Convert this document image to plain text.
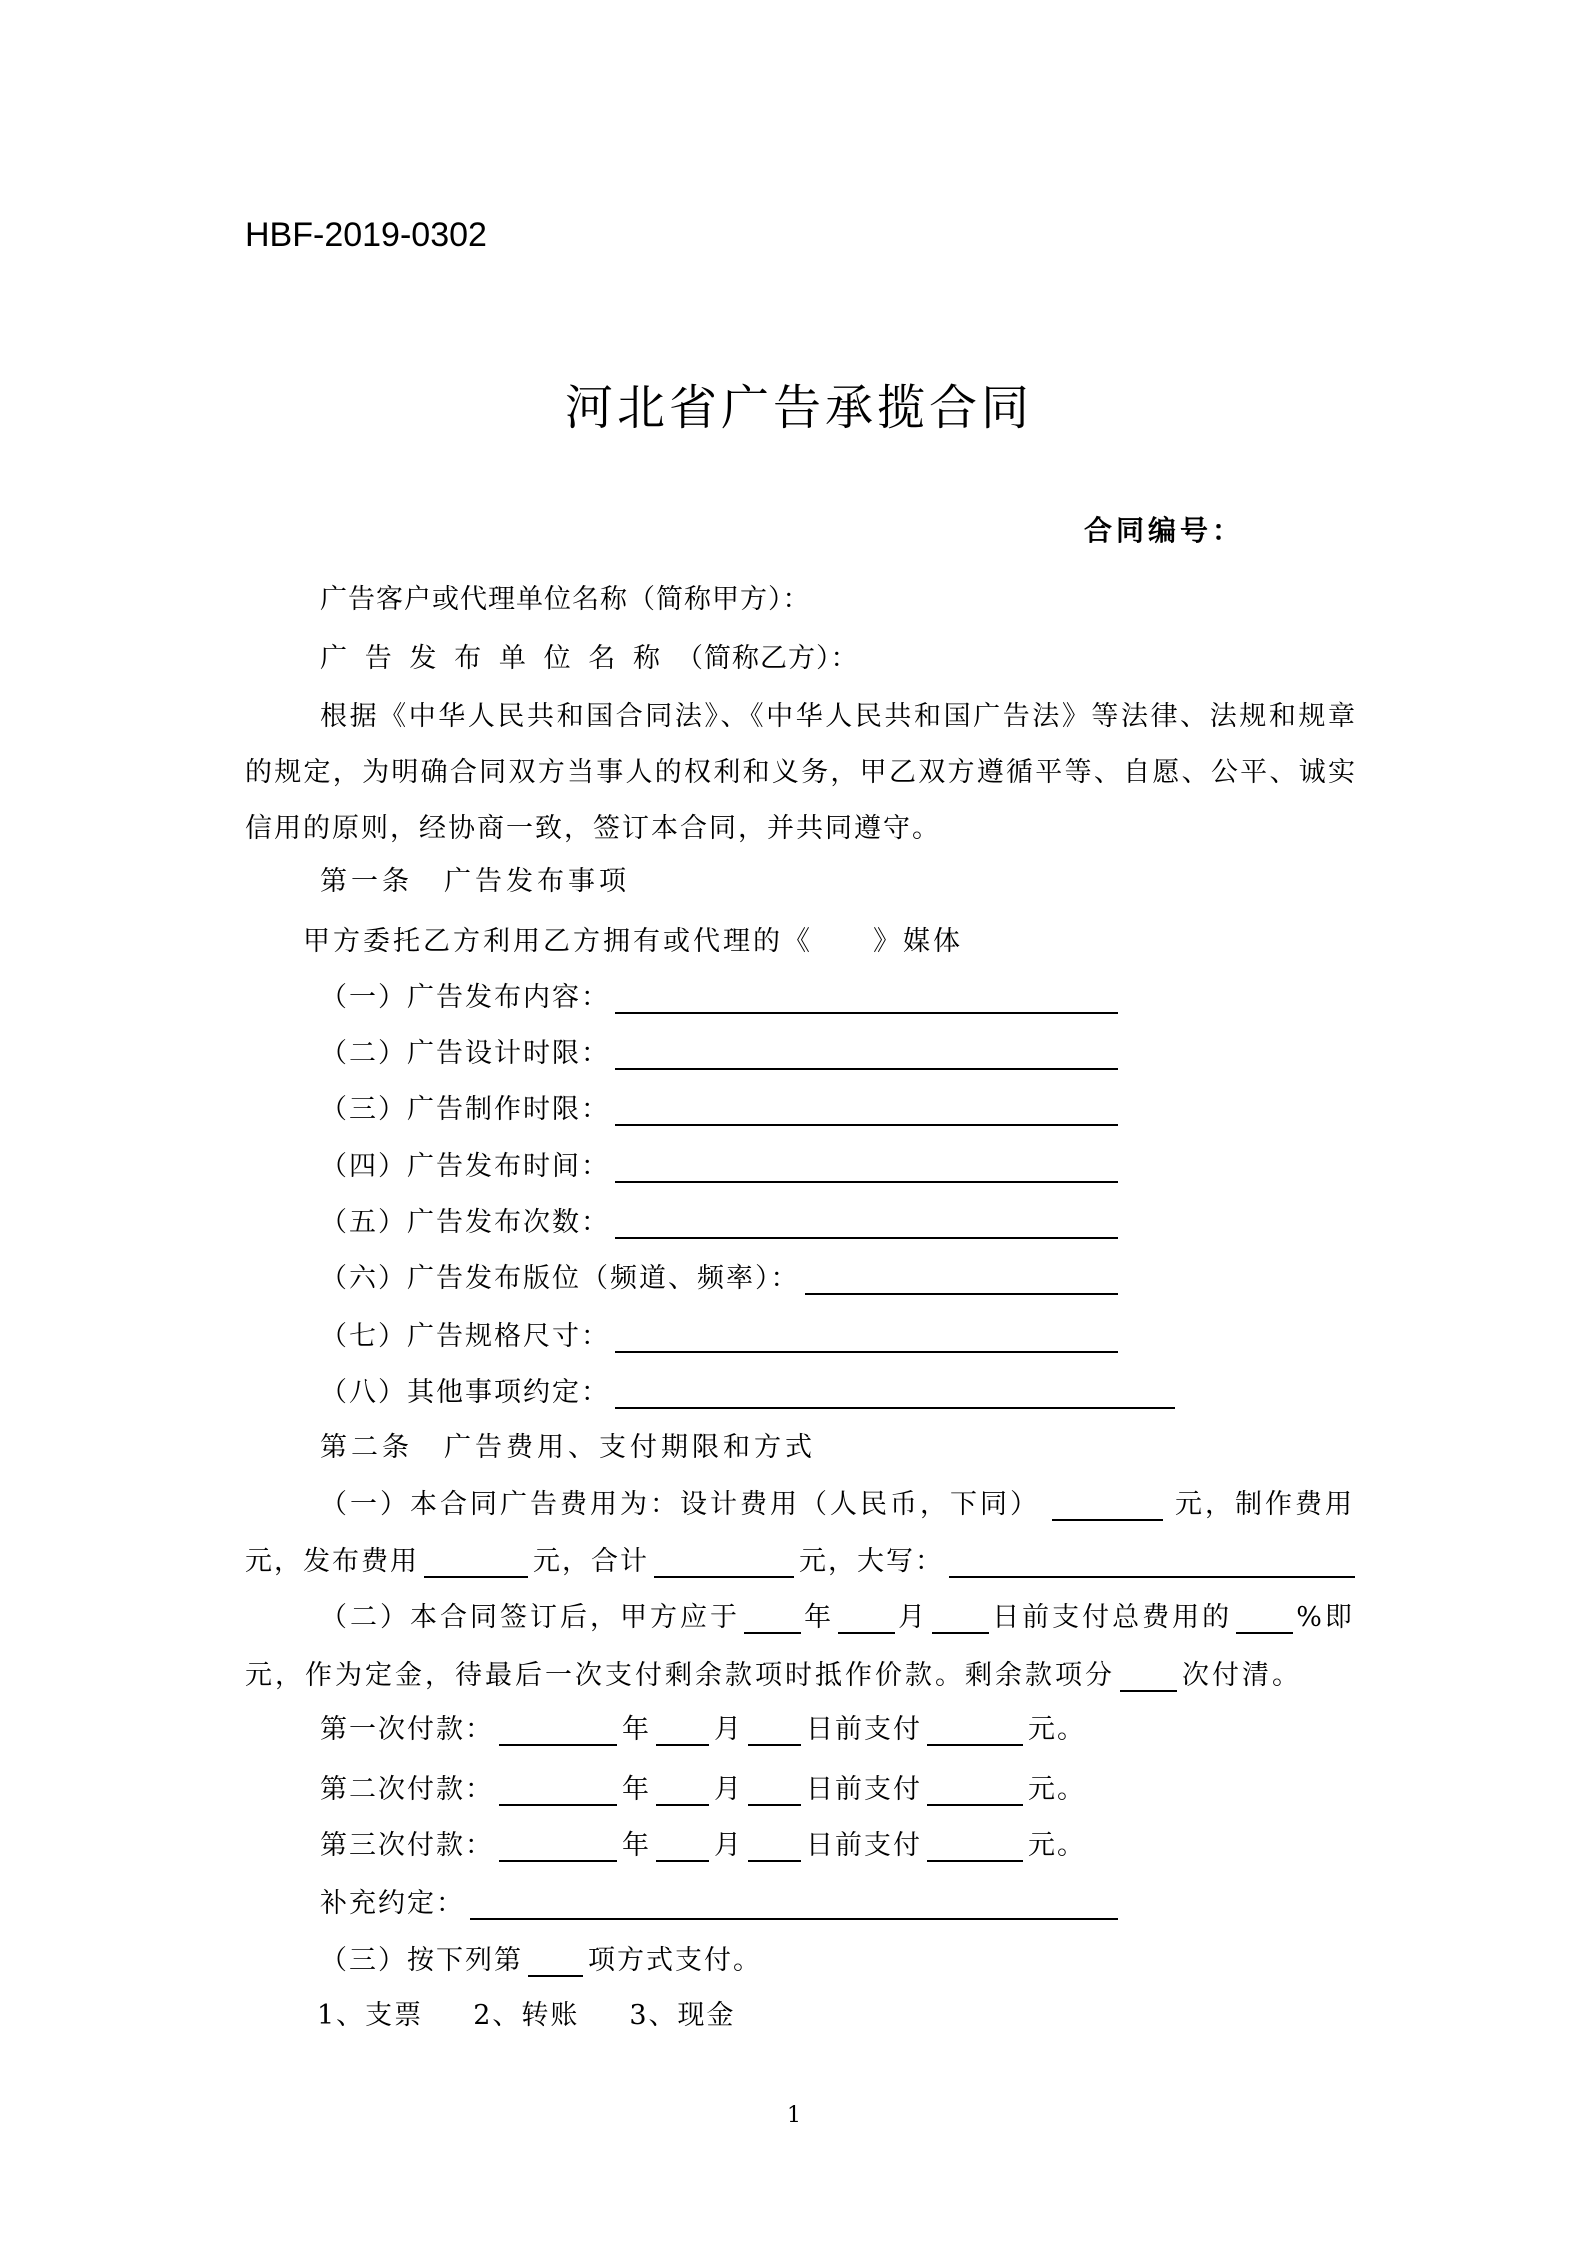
HBF-2019-0302
河北省广告承揽合同
合同编号：
广告客户或代理单位名称（简称甲方）：
广告发布单位名称 （简称乙方）：
根据《中华人民共和国合同法》、《中华人民共和国广告法》等法律、法规和规章
的规定，为明确合同双方当事人的权利和义务，甲乙双方遵循平等、自愿、公平、诚实
信用的原则，经协商一致，签订本合同，并共同遵守。
第一条　广告发布事项
甲方委托乙方利用乙方拥有或代理的《　　》媒体
（一）广告发布内容：
（二）广告设计时限：
（三）广告制作时限：
（四）广告发布时间：
（五）广告发布次数：
（六）广告发布版位（频道、频率）：
（七）广告规格尺寸：
（八）其他事项约定：
第二条　广告费用、支付期限和方式
（一）本合同广告费用为：设计费用（人民币，下同）	元，制作费用
元，发布费用	元，合计	元，大写：
（二）本合同签订后，甲方应于 年 月 日前支付总费用的 %即
元，作为定金，待最后一次支付剩余款项时抵作价款。剩余款项分 次付清。
第一次付款：	年 月 日前支付	元。
第二次付款：	年 月 日前支付	元。
第三次付款：	年 月 日前支付	元。
补充约定：
（三）按下列第 项方式支付。
1、支票 2、转账 3、现金
1
